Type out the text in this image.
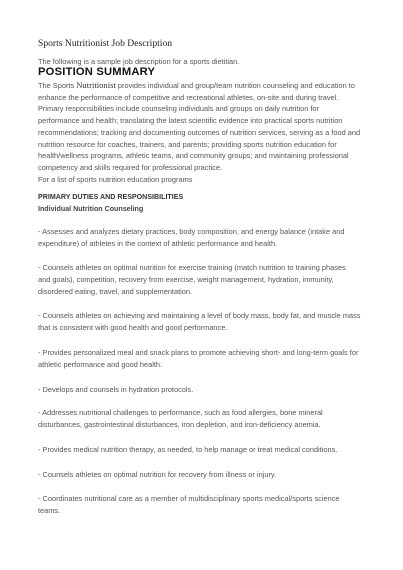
Sports Nutritionist Job Description
The following is a sample job description for a sports dietitian.
POSITION SUMMARY
The Sports Nutritionist provides individual and group/team nutrition counseling and education to
enhance the performance of competitive and recreational athletes, on-site and during travel.
Primary responsibilities include counseling individuals and groups on daily nutrition for
performance and health; translating the latest scientific evidence into practical sports nutrition
recommendations; tracking and documenting outcomes of nutrition services, serving as a food and
nutrition resource for coaches, trainers, and parents; providing sports nutrition education for
health/wellness programs, athletic teams, and community groups; and maintaining professional
competency and skills required for professional practice.
For a list of sports nutrition education programs
PRIMARY DUTIES AND RESPONSIBILITIES
Individual Nutrition Counseling
- Assesses and analyzes dietary practices, body composition, and energy balance (intake and
expenditure) of athletes in the context of athletic performance and health.
- Counsels athletes on optimal nutrition for exercise training (match nutrition to training phases
and goals), competition, recovery from exercise, weight management, hydration, immunity,
disordered eating, travel, and supplementation.
- Counsels athletes on achieving and maintaining a level of body mass, body fat, and muscle mass
that is consistent with good health and good performance.
- Provides personalized meal and snack plans to promote achieving short- and long-term goals for
athletic performance and good health.
- Develops and counsels in hydration protocols.
- Addresses nutritional challenges to performance, such as food allergies, bone mineral
disturbances, gastrointestinal disturbances, iron depletion, and iron-deficiency anemia.
- Provides medical nutrition therapy, as needed, to help manage or treat medical conditions.
- Counsels athletes on optimal nutrition for recovery from illness or injury.
- Coordinates nutritional care as a member of multidisciplinary sports medical/sports science
teams.
